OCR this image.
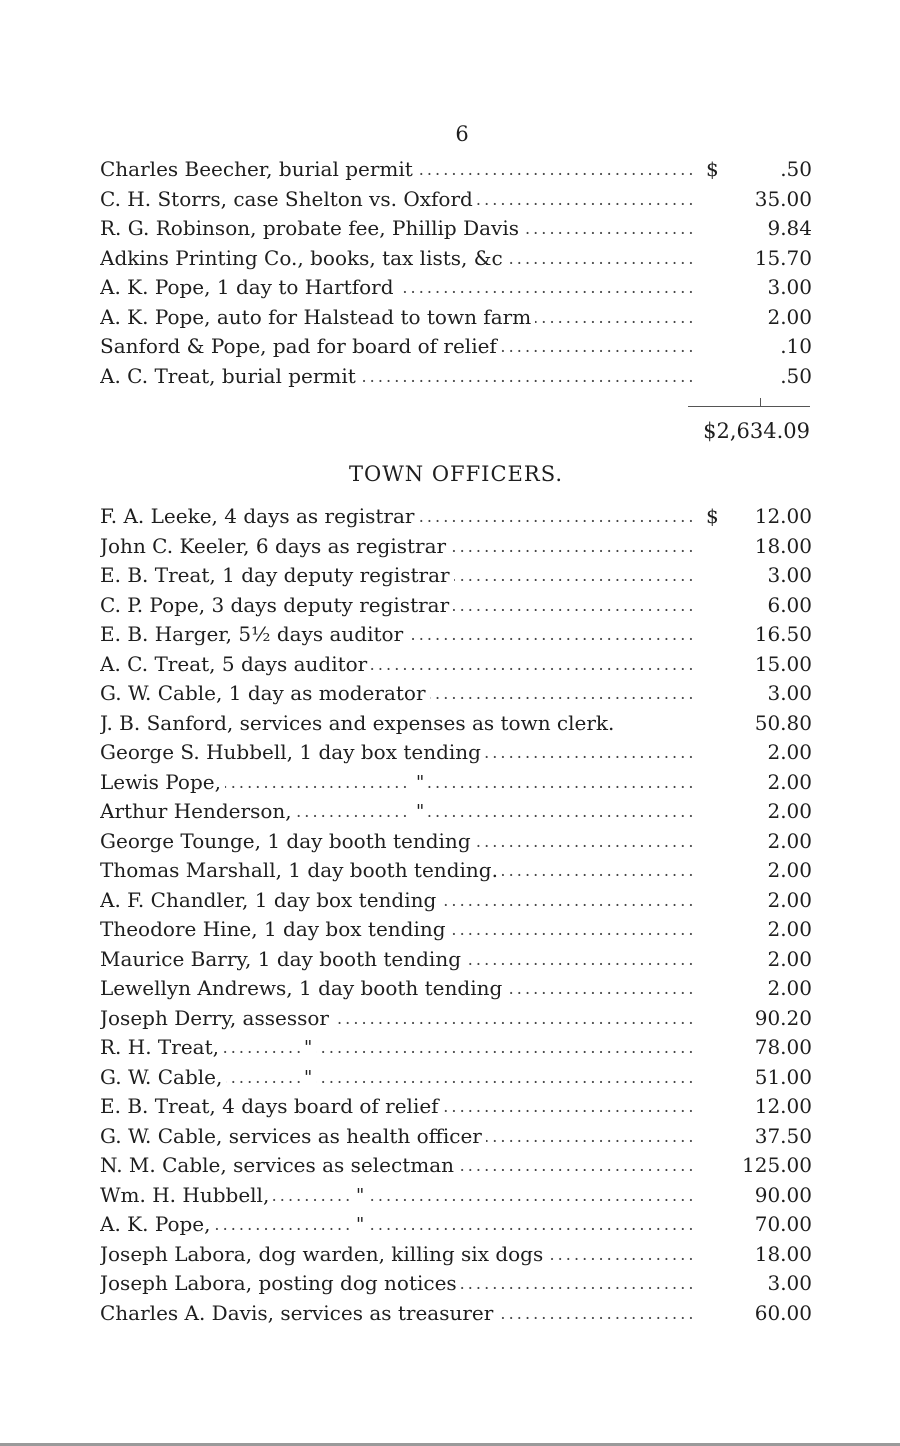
6
Charles Beecher, burial permit . . .	$	.50
C. H. Storrs, case Shelton vs. Oxford . . .	35.00
R. G. Robinson, probate fee, Phillip Davis . . .	9.84
Adkins Printing Co., books, tax lists, &c . . .	15.70
A. K. Pope, 1 day to Hartford . . .	3.00
A. K. Pope, auto for Halstead to town farm . . .	2.00
Sanford & Pope, pad for board of relief . . .	.10
A. C. Treat, burial permit . . .	.50
$2,634.09
TOWN OFFICERS.
F. A. Leeke, 4 days as registrar . . .	$	12.00
John C. Keeler, 6 days as registrar . . .	18.00
E. B. Treat, 1 day deputy registrar . . .	3.00
C. P. Pope, 3 days deputy registrar . . .	6.00
E. B. Harger, 5½ days auditor . . .	16.50
A. C. Treat, 5 days auditor . . .	15.00
G. W. Cable, 1 day as moderator . . .	3.00
J. B. Sanford, services and expenses as town clerk.	50.80
George S. Hubbell, 1 day box tending . . .	2.00
Lewis Pope, . . .	"	2.00
Arthur Henderson, . . .	"	2.00
George Tounge, 1 day booth tending . . .	2.00
Thomas Marshall, 1 day booth tending. . . .	2.00
A. F. Chandler, 1 day box tending . . .	2.00
Theodore Hine, 1 day box tending . . .	2.00
Maurice Barry, 1 day booth tending . . .	2.00
Lewellyn Andrews, 1 day booth tending . . .	2.00
Joseph Derry, assessor . . .	90.20
R. H. Treat, . . .	"	78.00
G. W. Cable, . . .	"	51.00
E. B. Treat, 4 days board of relief . . .	12.00
G. W. Cable, services as health officer . . .	37.50
N. M. Cable, services as selectman . . .	125.00
Wm. H. Hubbell, . . .	"	90.00
A. K. Pope, . . .	"	70.00
Joseph Labora, dog warden, killing six dogs . . .	18.00
Joseph Labora, posting dog notices . . .	3.00
Charles A. Davis, services as treasurer . . .	60.00
